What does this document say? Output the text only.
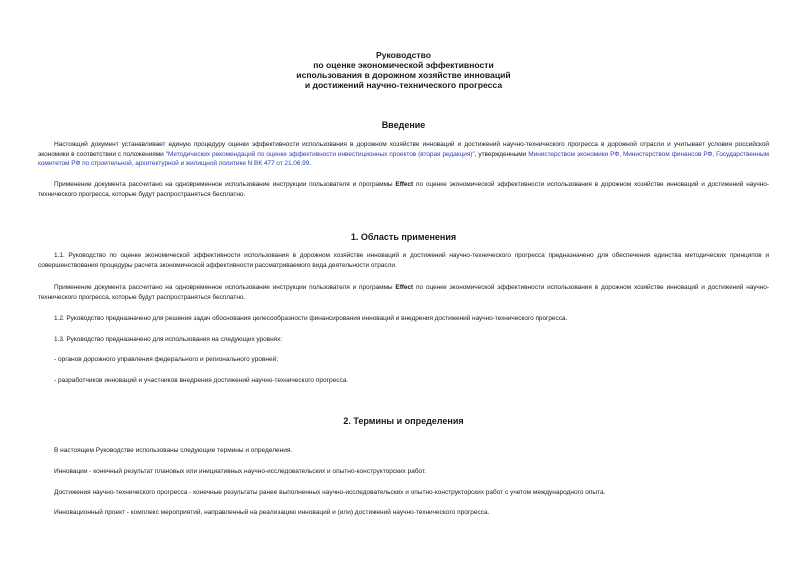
Руководство
по оценке экономической эффективности
использования в дорожном хозяйстве инноваций
и достижений научно-технического прогресса
Введение
Настоящий документ устанавливает единую процедуру оценки эффективности использования в дорожном хозяйстве инноваций и достижений научно-технического прогресса в дорожной отрасли и учитывает условия российской экономики в соответствии с положениями "Методических рекомендаций по оценке эффективности инвестиционных проектов (вторая редакция)", утвержденными Министерством экономики РФ, Министерством финансов РФ, Государственным комитетом РФ по строительной, архитектурной и жилищной политике N ВК 477 от 21.06.99.
Применение документа рассчитано на одновременное использование инструкции пользователя и программы Effect по оценке экономической эффективности использования в дорожном хозяйстве инноваций и достижений научно-технического прогресса, которые будут распространяться бесплатно.
1. Область применения
1.1. Руководство по оценке экономической эффективности использования в дорожном хозяйстве инноваций и достижений научно-технического прогресса предназначено для обеспечения единства методических принципов и совершенствования процедуры расчета экономической эффективности рассматриваемого вида деятельности отрасли.
Применение документа рассчитано на одновременное использование инструкции пользователя и программы Effect по оценке экономической эффективности использования в дорожном хозяйстве инноваций и достижений научно-технического прогресса, которые будут распространяться бесплатно.
1.2. Руководство предназначено для решения задач обоснования целесообразности финансирования инноваций и внедрения достижений научно-технического прогресса.
1.3. Руководство предназначено для использования на следующих уровнях:
- органов дорожного управления федерального и регионального уровней;
- разработчиков инноваций и участников внедрения достижений научно-технического прогресса.
2. Термины и определения
В настоящем Руководстве использованы следующие термины и определения.
Инновации - конечный результат плановых или инициативных научно-исследовательских и опытно-конструкторских работ.
Достижения научно-технического прогресса - конечные результаты ранее выполненных научно-исследовательских и опытно-конструкторских работ с учетом международного опыта.
Инновационный проект - комплекс мероприятий, направленный на реализацию инноваций и (или) достижений научно-технического прогресса.
